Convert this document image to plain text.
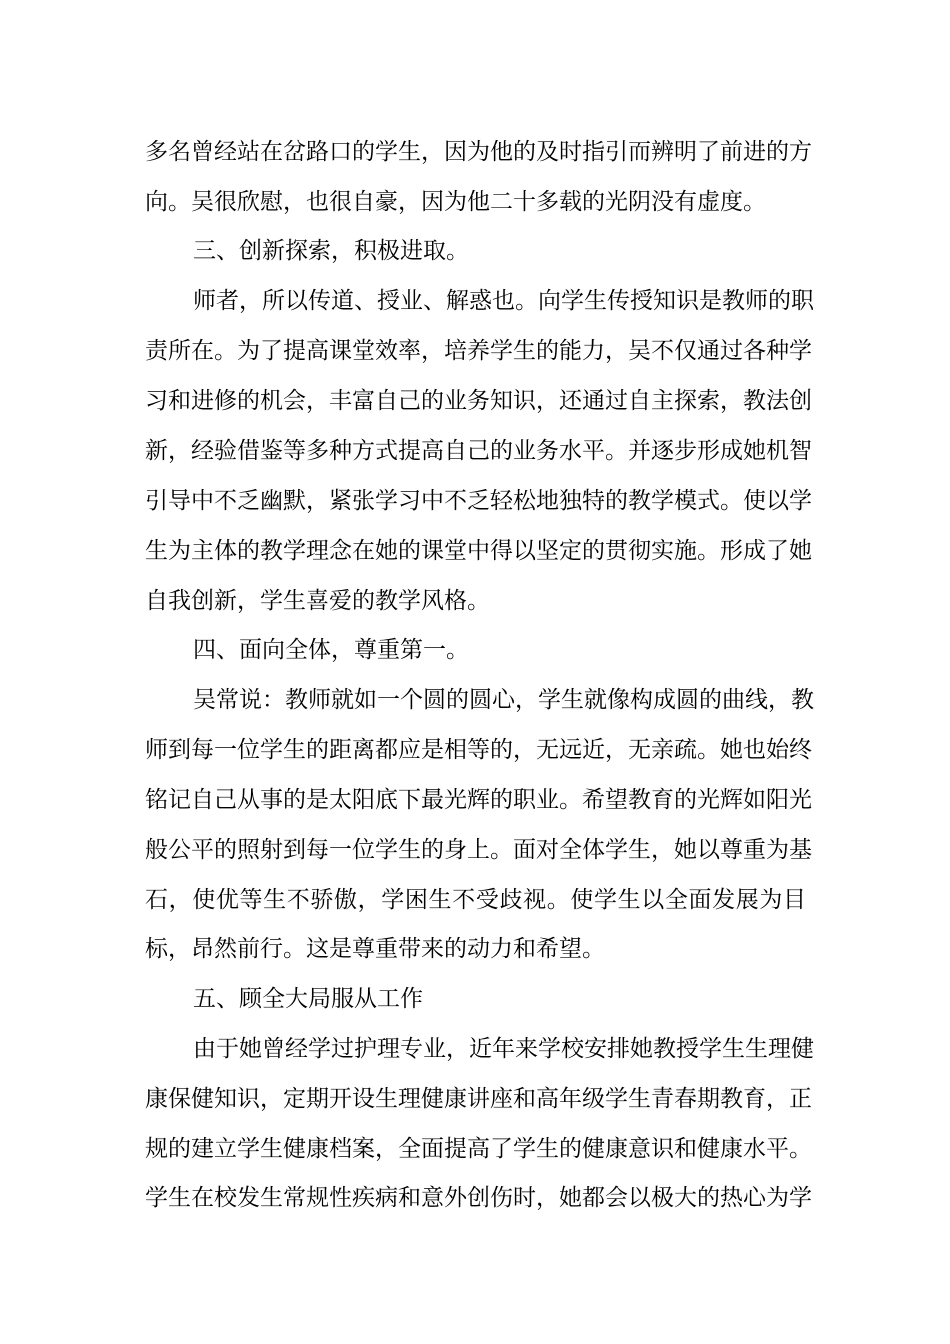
多名曾经站在岔路口的学生，因为他的及时指引而辨明了前进的方
向。吴很欣慰，也很自豪，因为他二十多载的光阴没有虚度。
三、创新探索，积极进取。
师者，所以传道、授业、解惑也。向学生传授知识是教师的职
责所在。为了提高课堂效率，培养学生的能力，吴不仅通过各种学
习和进修的机会，丰富自己的业务知识，还通过自主探索，教法创
新，经验借鉴等多种方式提高自己的业务水平。并逐步形成她机智
引导中不乏幽默，紧张学习中不乏轻松地独特的教学模式。使以学
生为主体的教学理念在她的课堂中得以坚定的贯彻实施。形成了她
自我创新，学生喜爱的教学风格。
四、面向全体，尊重第一。
吴常说：教师就如一个圆的圆心，学生就像构成圆的曲线，教
师到每一位学生的距离都应是相等的，无远近，无亲疏。她也始终
铭记自己从事的是太阳底下最光辉的职业。希望教育的光辉如阳光
般公平的照射到每一位学生的身上。面对全体学生，她以尊重为基
石，使优等生不骄傲，学困生不受歧视。使学生以全面发展为目
标，昂然前行。这是尊重带来的动力和希望。
五、顾全大局服从工作
由于她曾经学过护理专业，近年来学校安排她教授学生生理健
康保健知识，定期开设生理健康讲座和高年级学生青春期教育，正
规的建立学生健康档案，全面提高了学生的健康意识和健康水平。
学生在校发生常规性疾病和意外创伤时，她都会以极大的热心为学
